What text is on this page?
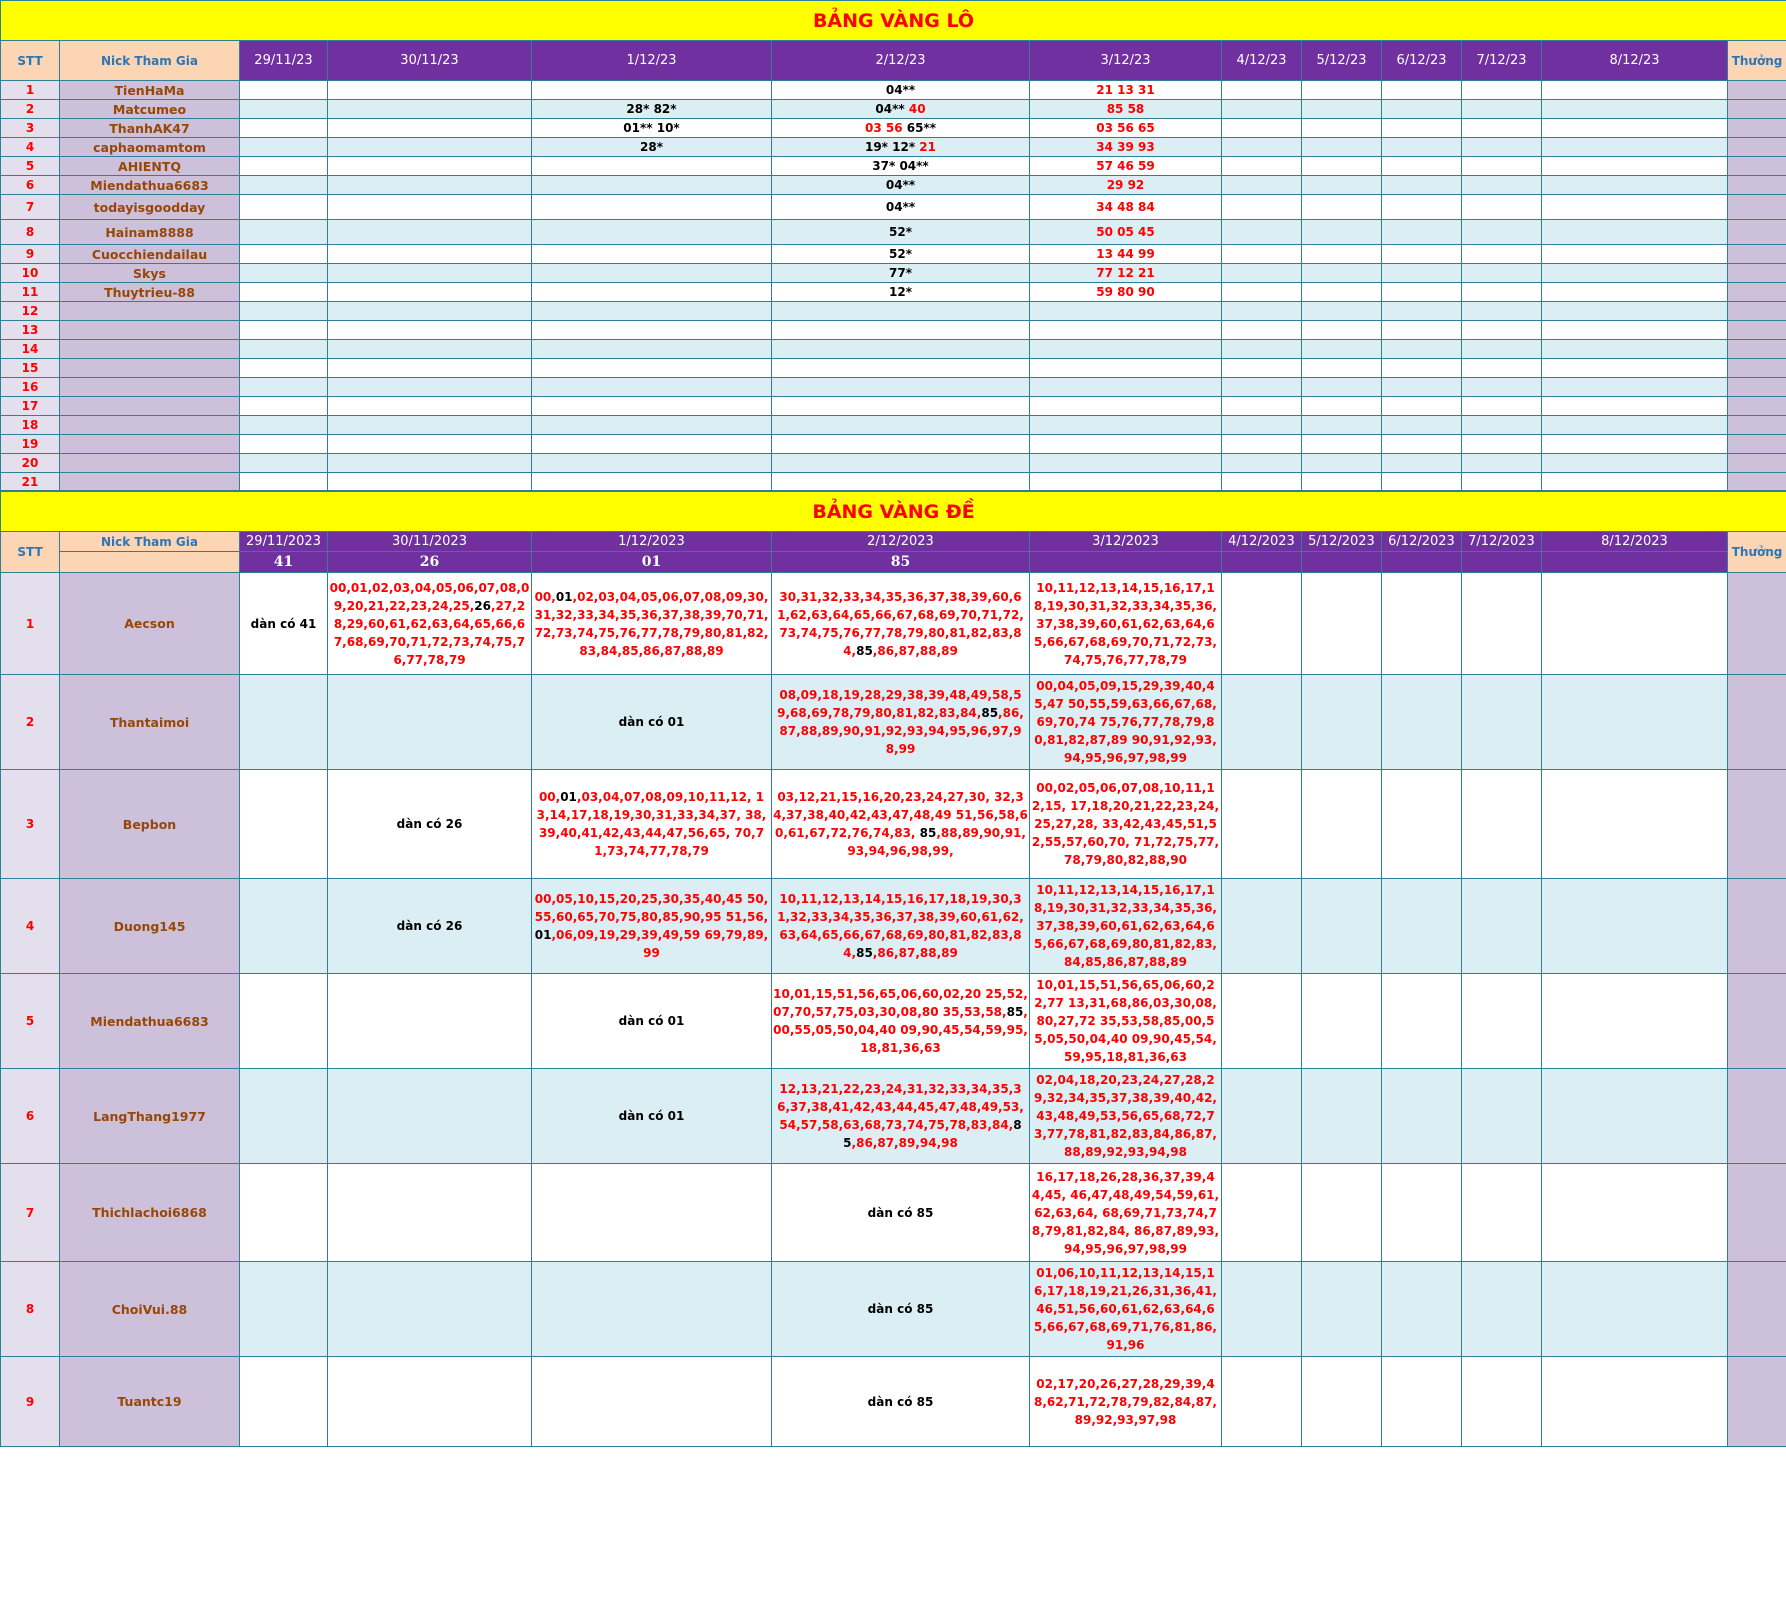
BẢNG VÀNG LÔ												
STT	Nick Tham Gia	29/11/23	30/11/23	1/12/23	2/12/23	3/12/23	4/12/23	5/12/23	6/12/23	7/12/23	8/12/23	Thưởng
1	TienHaMa				04**	21 13 31						
2	Matcumeo			28* 82*	04** 40	85 58						
3	ThanhAK47			01** 10*	03 56 65**	03 56 65						
4	caphaomamtom			28*	19* 12* 21	34 39 93						
5	AHIENTQ				37* 04**	57 46 59						
6	Miendathua6683				04**	29 92						
7	todayisgoodday				04**	34 48 84						
8	Hainam8888				52*	50 05 45						
9	Cuocchiendailau				52*	13 44 99						
10	Skys				77*	77 12 21						
11	Thuytrieu-88				12*	59 80 90						
12												
13												
14												
15												
16												
17												
18												
19												
20												
21												
BẢNG VÀNG ĐỀ												
STT	Nick Tham Gia	29/11/2023	30/11/2023	1/12/2023	2/12/2023	3/12/2023	4/12/2023	5/12/2023	6/12/2023	7/12/2023	8/12/2023	Thưởng
		41	26	01	85							
1	Aecson	dàn có 41	00,01,02,03,04,05,06,07,08,09,20,21,22,23,24,25,26,27,28,29,60,61,62,63,64,65,66,67,68,69,70,71,72,73,74,75,76,77,78,79	00,01,02,03,04,05,06,07,08,09,30,31,32,33,34,35,36,37,38,39,70,71,72,73,74,75,76,77,78,79,80,81,82,83,84,85,86,87,88,89	30,31,32,33,34,35,36,37,38,39,60,61,62,63,64,65,66,67,68,69,70,71,72,73,74,75,76,77,78,79,80,81,82,83,84,85,86,87,88,89	10,11,12,13,14,15,16,17,18,19,30,31,32,33,34,35,36,37,38,39,60,61,62,63,64,65,66,67,68,69,70,71,72,73,74,75,76,77,78,79						
2	Thantaimoi			dàn có 01	08,09,18,19,28,29,38,39,48,49,58,59,68,69,78,79,80,81,82,83,84,85,86,87,88,89,90,91,92,93,94,95,96,97,98,99	00,04,05,09,15,29,39,40,45,47 50,55,59,63,66,67,68,69,70,74 75,76,77,78,79,80,81,82,87,89 90,91,92,93,94,95,96,97,98,99						
3	Bepbon		dàn có 26	00,01,03,04,07,08,09,10,11,12, 13,14,17,18,19,30,31,33,34,37, 38,39,40,41,42,43,44,47,56,65, 70,71,73,74,77,78,79	03,12,21,15,16,20,23,24,27,30, 32,34,37,38,40,42,43,47,48,49 51,56,58,60,61,67,72,76,74,83, 85,88,89,90,91,93,94,96,98,99,	00,02,05,06,07,08,10,11,12,15, 17,18,20,21,22,23,24,25,27,28, 33,42,43,45,51,52,55,57,60,70, 71,72,75,77,78,79,80,82,88,90						
4	Duong145		dàn có 26	00,05,10,15,20,25,30,35,40,45 50,55,60,65,70,75,80,85,90,95 51,56,01,06,09,19,29,39,49,59 69,79,89,99	10,11,12,13,14,15,16,17,18,19,30,31,32,33,34,35,36,37,38,39,60,61,62,63,64,65,66,67,68,69,80,81,82,83,84,85,86,87,88,89	10,11,12,13,14,15,16,17,18,19,30,31,32,33,34,35,36,37,38,39,60,61,62,63,64,65,66,67,68,69,80,81,82,83,84,85,86,87,88,89						
5	Miendathua6683			dàn có 01	10,01,15,51,56,65,06,60,02,20 25,52,07,70,57,75,03,30,08,80 35,53,58,85,00,55,05,50,04,40 09,90,45,54,59,95,18,81,36,63	10,01,15,51,56,65,06,60,22,77 13,31,68,86,03,30,08,80,27,72 35,53,58,85,00,55,05,50,04,40 09,90,45,54,59,95,18,81,36,63						
6	LangThang1977			dàn có 01	12,13,21,22,23,24,31,32,33,34,35,36,37,38,41,42,43,44,45,47,48,49,53,54,57,58,63,68,73,74,75,78,83,84,85,86,87,89,94,98	02,04,18,20,23,24,27,28,29,32,34,35,37,38,39,40,42,43,48,49,53,56,65,68,72,73,77,78,81,82,83,84,86,87,88,89,92,93,94,98						
7	Thichlachoi6868				dàn có 85	16,17,18,26,28,36,37,39,44,45, 46,47,48,49,54,59,61,62,63,64, 68,69,71,73,74,78,79,81,82,84, 86,87,89,93,94,95,96,97,98,99						
8	ChoiVui.88				dàn có 85	01,06,10,11,12,13,14,15,16,17,18,19,21,26,31,36,41,46,51,56,60,61,62,63,64,65,66,67,68,69,71,76,81,86,91,96						
9	Tuantc19				dàn có 85	02,17,20,26,27,28,29,39,48,62,71,72,78,79,82,84,87,89,92,93,97,98						
